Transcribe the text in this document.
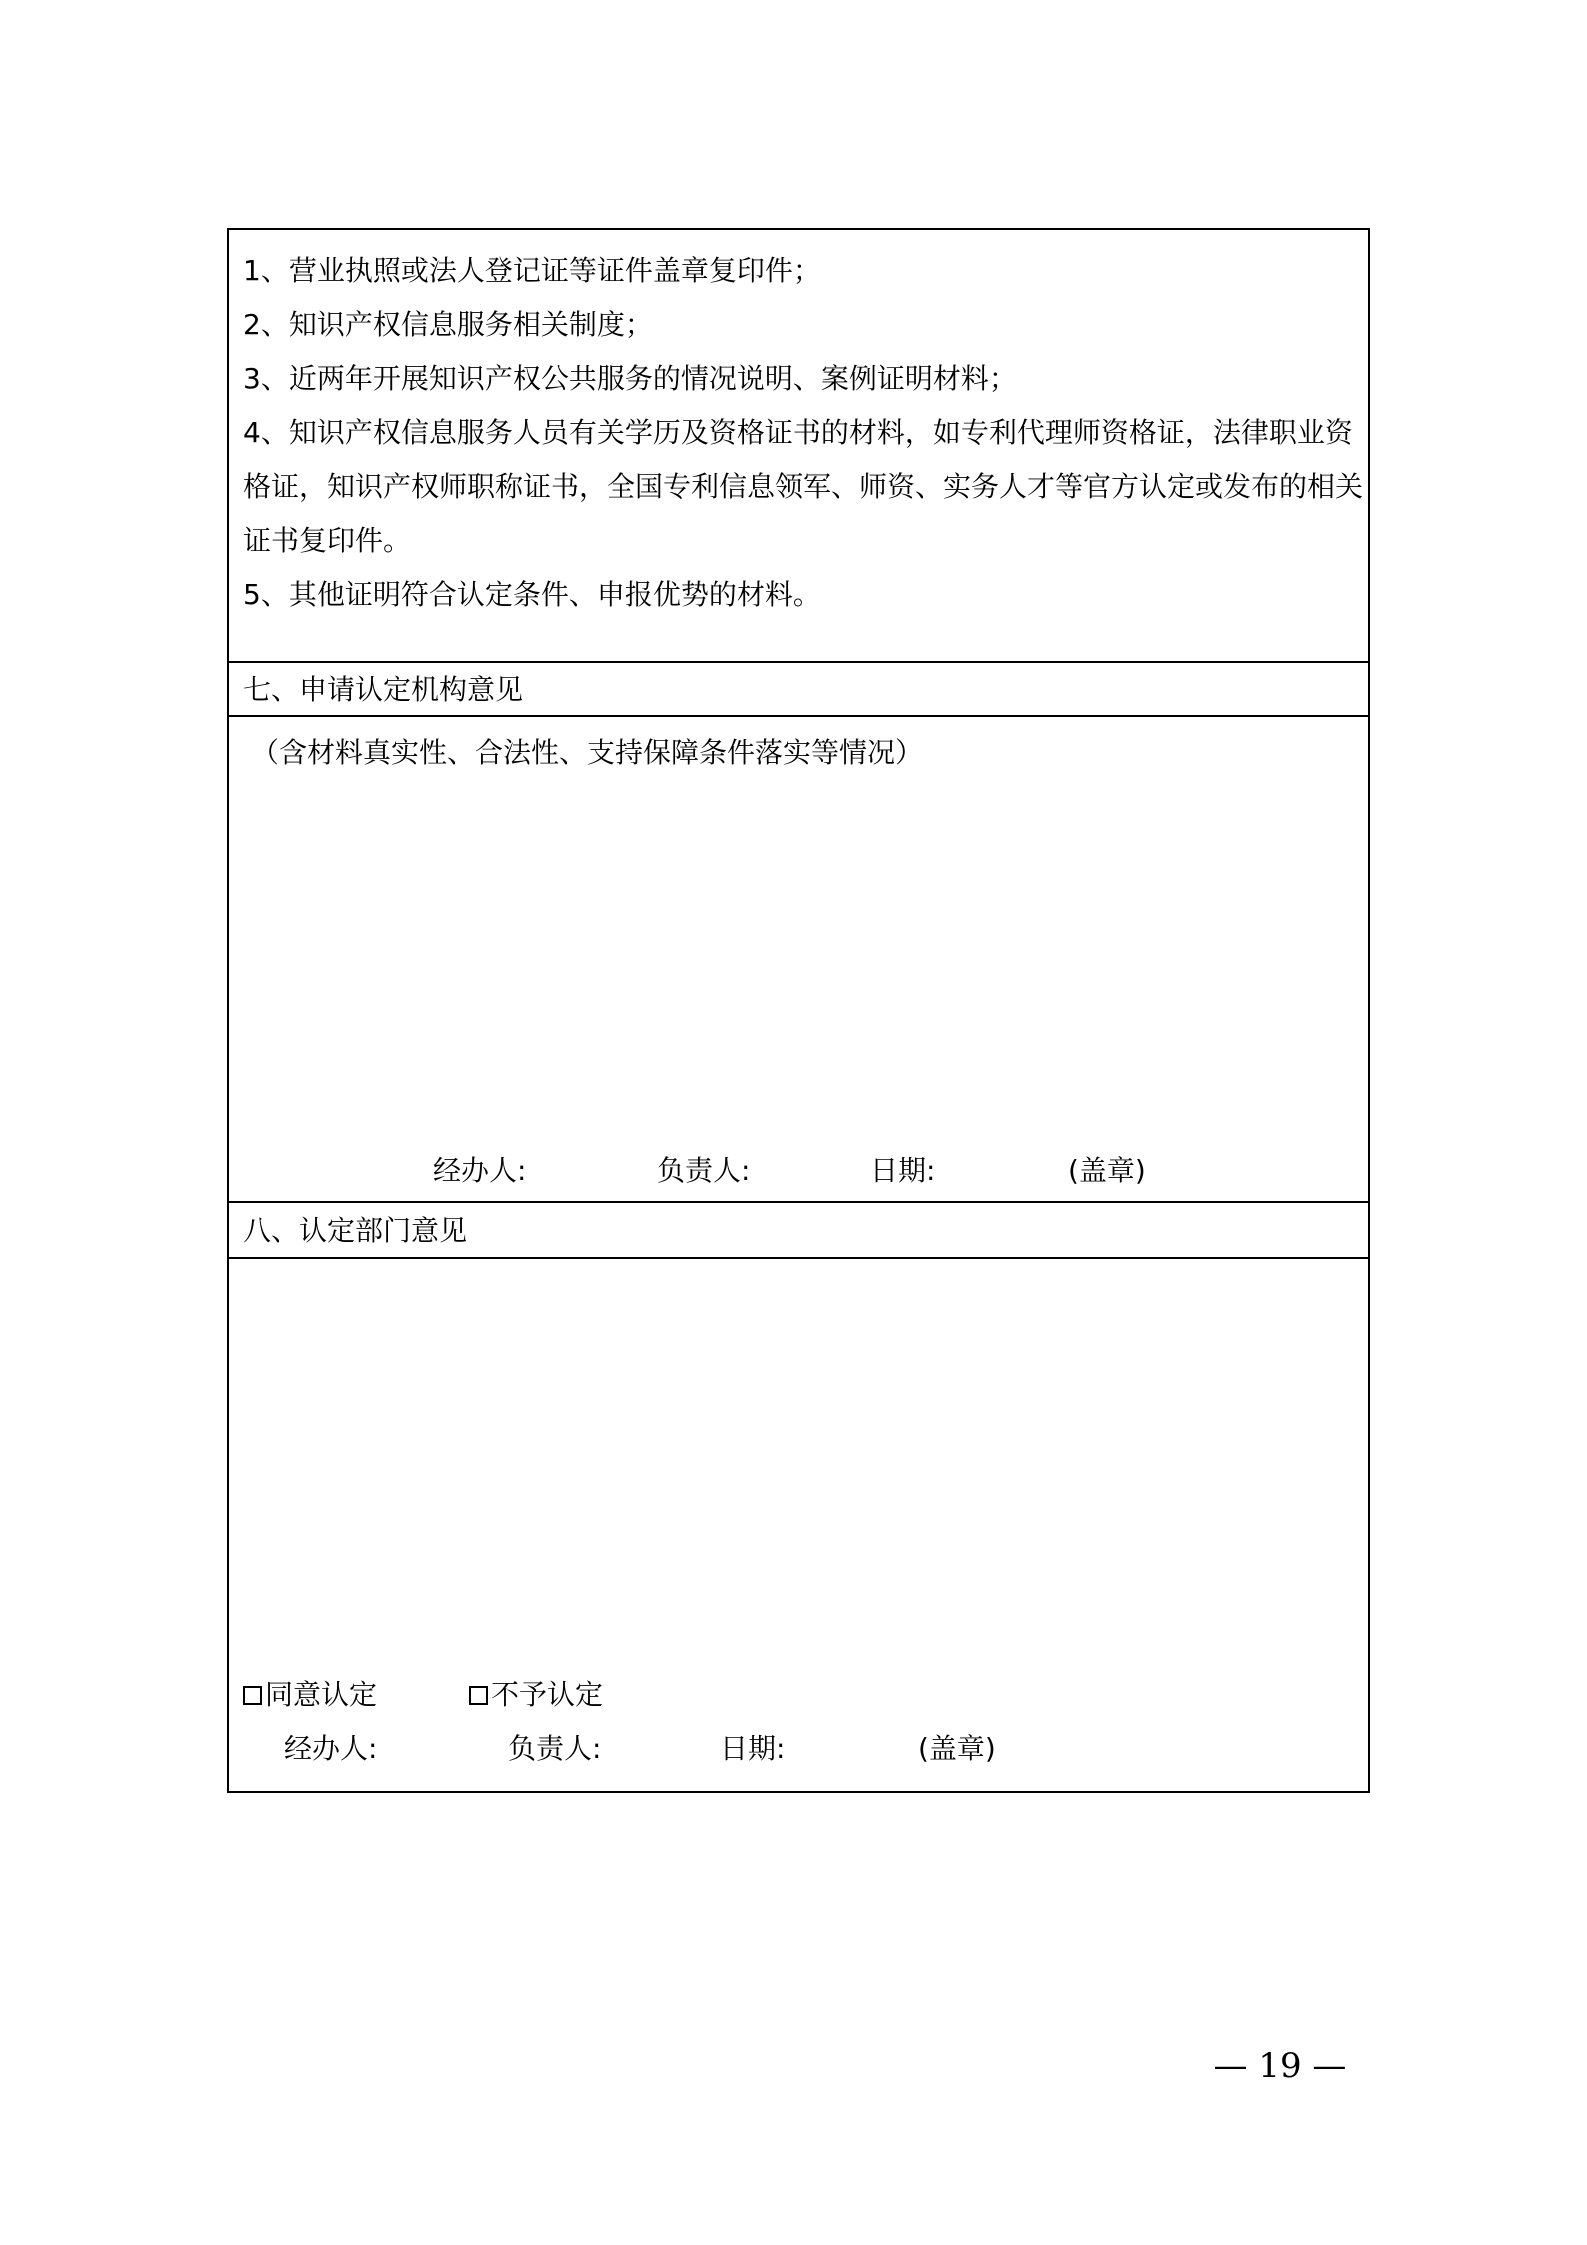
1、营业执照或法人登记证等证件盖章复印件；
2、知识产权信息服务相关制度；
3、近两年开展知识产权公共服务的情况说明、案例证明材料；
4、知识产权信息服务人员有关学历及资格证书的材料，如专利代理师资格证，法律职业资
格证，知识产权师职称证书，全国专利信息领军、师资、实务人才等官方认定或发布的相关
证书复印件。
5、其他证明符合认定条件、申报优势的材料。
七、申请认定机构意见
（含材料真实性、合法性、支持保障条件落实等情况）
经办人:	负责人:	日期:	(盖章)
八、认定部门意见
同意认定	不予认定
经办人:	负责人:	日期:	(盖章)
— 19 —
